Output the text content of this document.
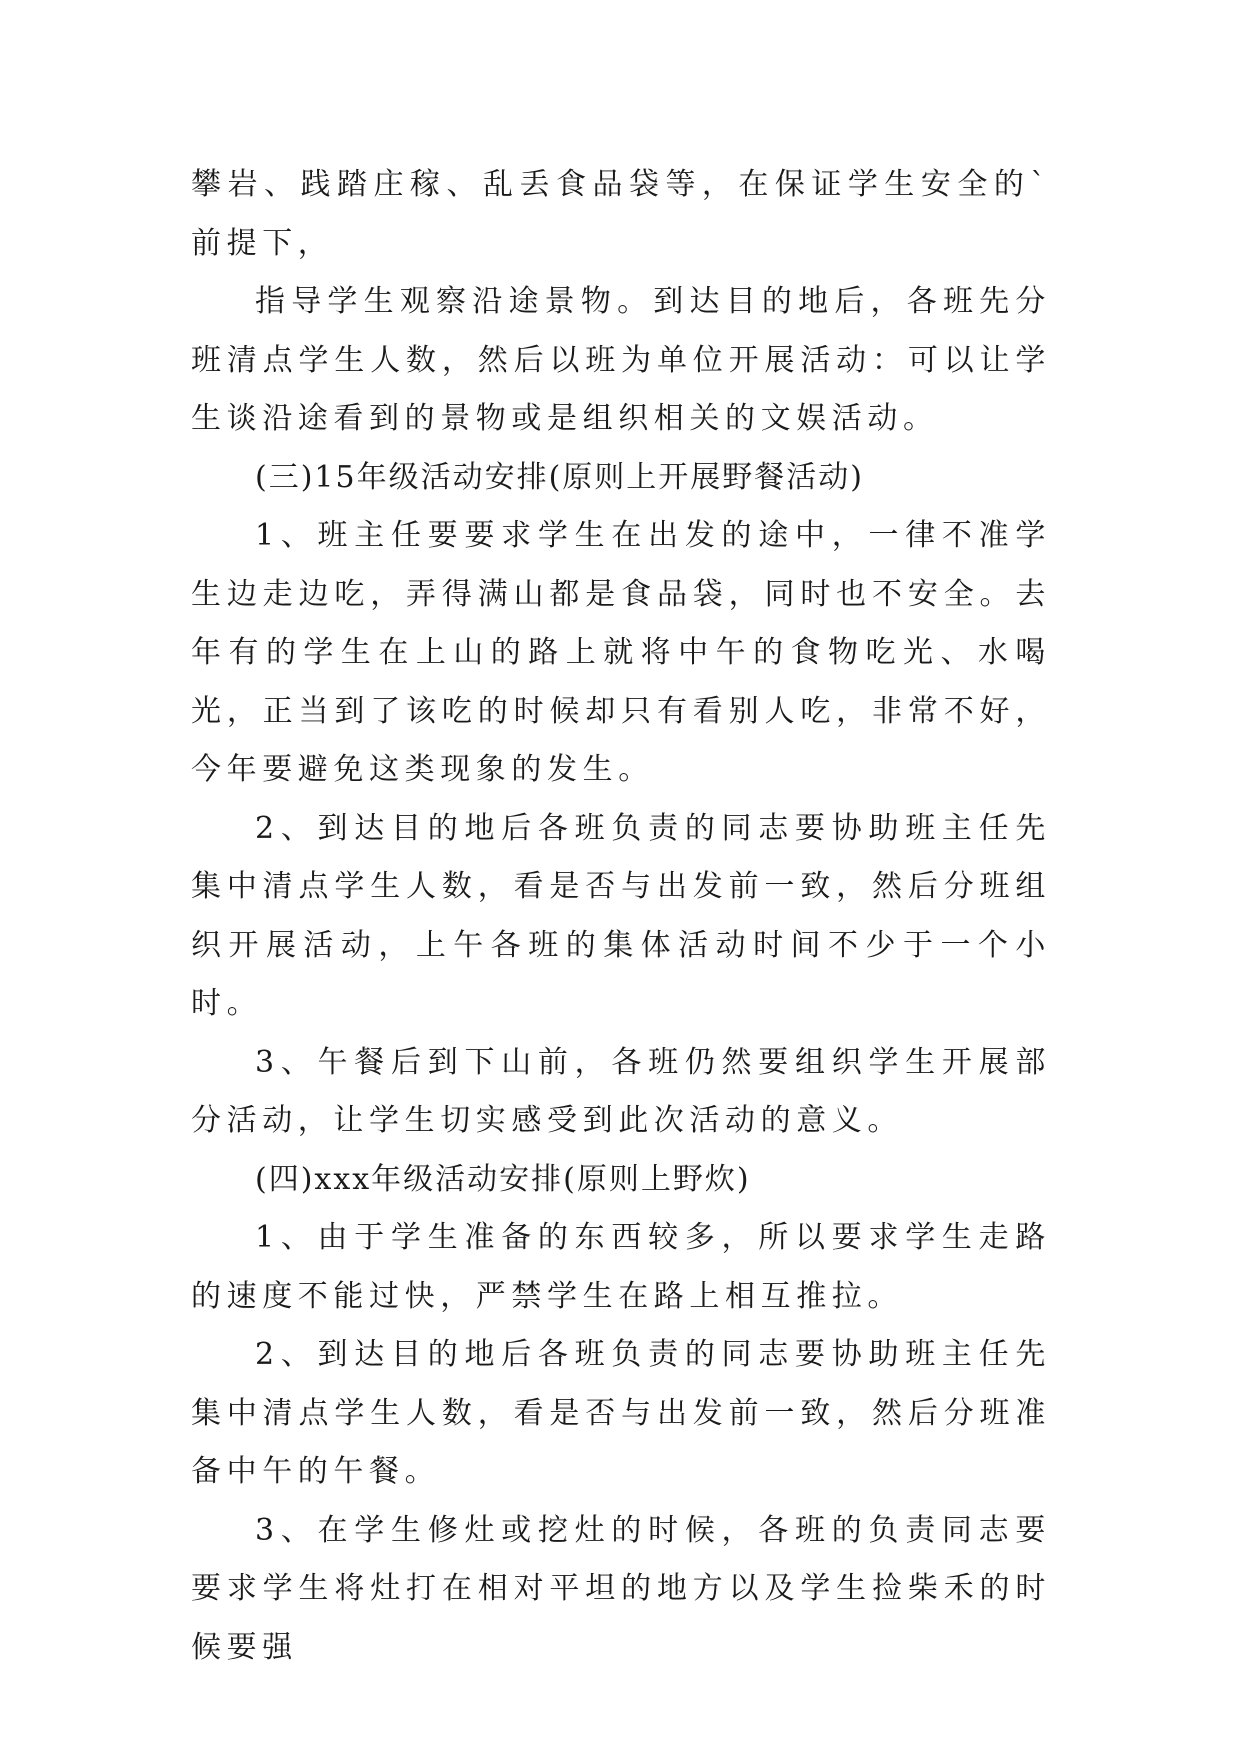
攀岩、践踏庄稼、乱丢食品袋等，在保证学生安全的`前提下，

指导学生观察沿途景物。到达目的地后，各班先分班清点学生人数，然后以班为单位开展活动：可以让学生谈沿途看到的景物或是组织相关的文娱活动。

(三)15年级活动安排(原则上开展野餐活动)

1、班主任要要求学生在出发的途中，一律不准学生边走边吃，弄得满山都是食品袋，同时也不安全。去年有的学生在上山的路上就将中午的食物吃光、水喝光，正当到了该吃的时候却只有看别人吃，非常不好，今年要避免这类现象的发生。

2、到达目的地后各班负责的同志要协助班主任先集中清点学生人数，看是否与出发前一致，然后分班组织开展活动，上午各班的集体活动时间不少于一个小时。

3、午餐后到下山前，各班仍然要组织学生开展部分活动，让学生切实感受到此次活动的意义。

(四)xxx年级活动安排(原则上野炊)

1、由于学生准备的东西较多，所以要求学生走路的速度不能过快，严禁学生在路上相互推拉。

2、到达目的地后各班负责的同志要协助班主任先集中清点学生人数，看是否与出发前一致，然后分班准备中午的午餐。

3、在学生修灶或挖灶的时候，各班的负责同志要要求学生将灶打在相对平坦的地方以及学生捡柴禾的时候要强
